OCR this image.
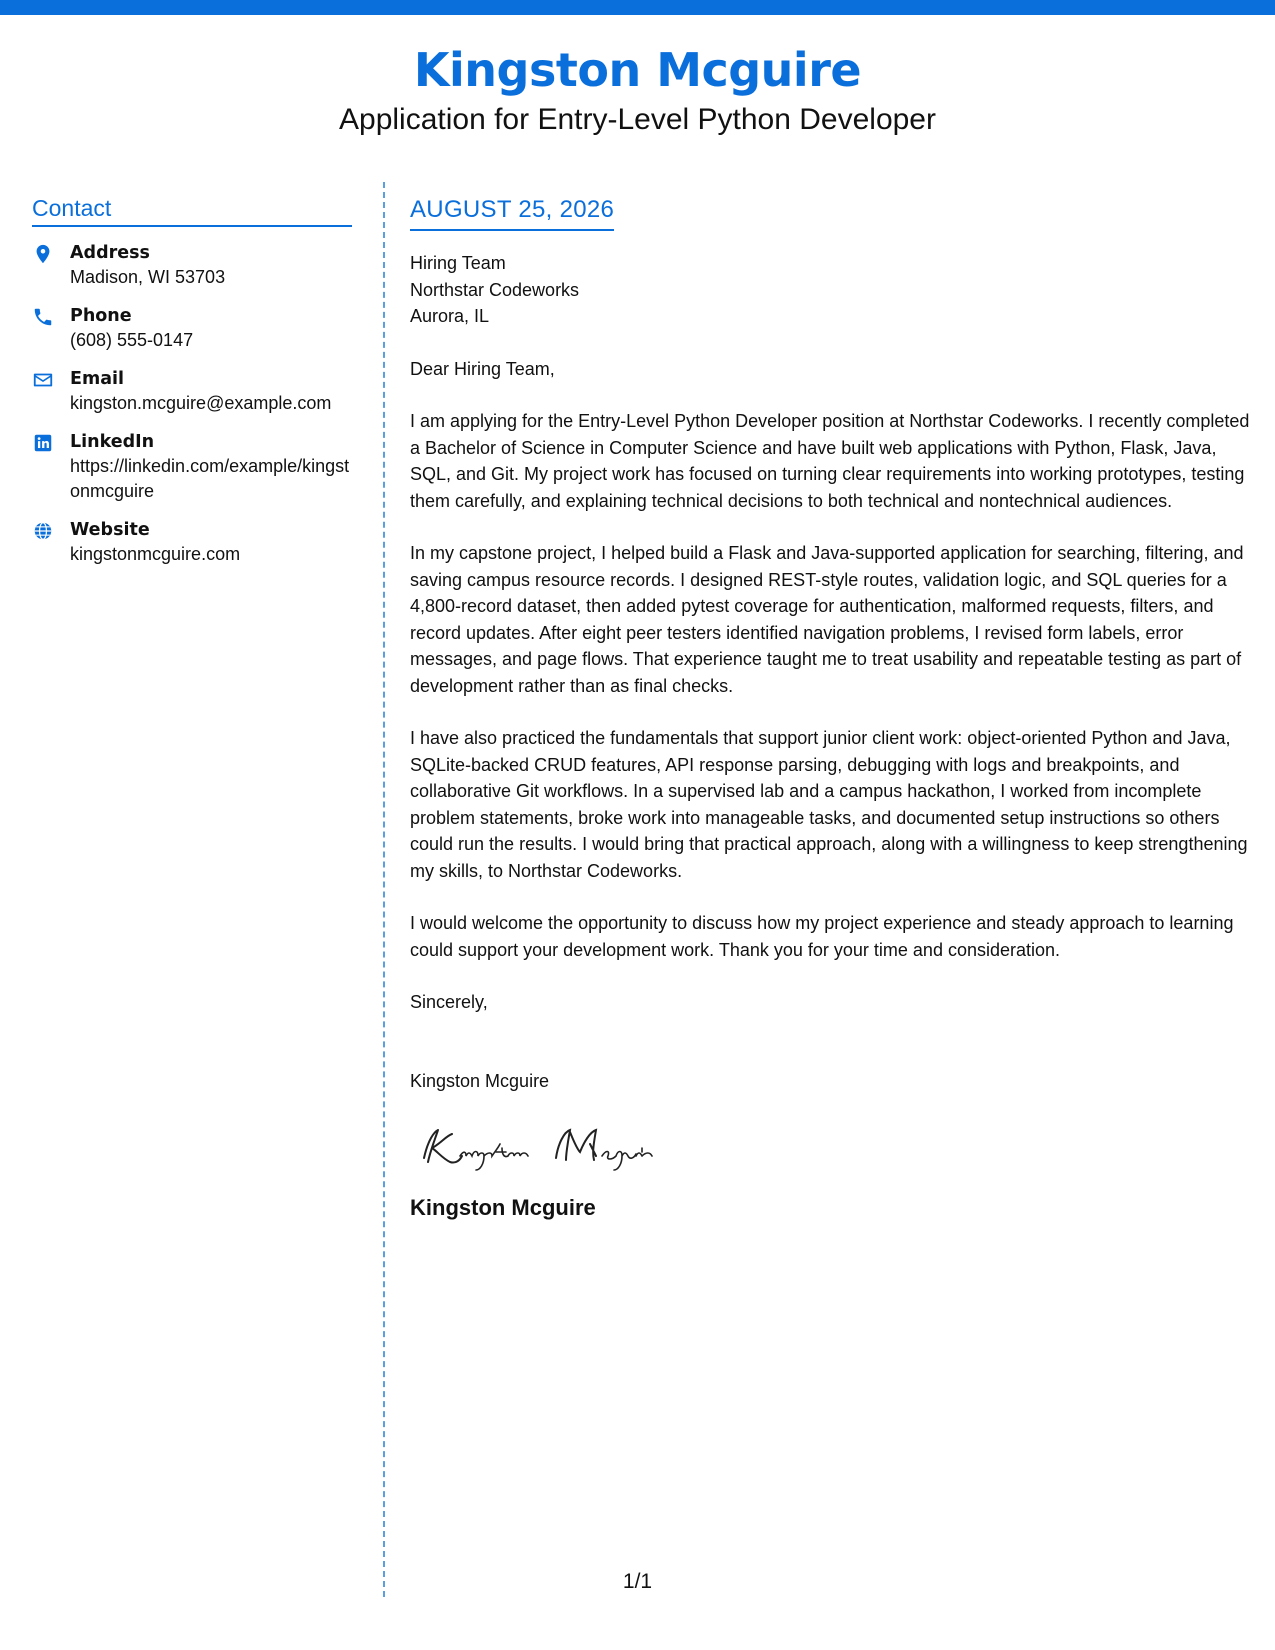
Kingston Mcguire
Application for Entry-Level Python Developer
Contact
Address
Madison, WI 53703
Phone
(608) 555-0147
Email
kingston.mcguire@example.com
LinkedIn
https://linkedin.com/example/kingstonmcguire
Website
kingstonmcguire.com
AUGUST 25, 2026
Hiring Team
Northstar Codeworks
Aurora, IL
Dear Hiring Team,
I am applying for the Entry-Level Python Developer position at Northstar Codeworks. I recently completed a Bachelor of Science in Computer Science and have built web applications with Python, Flask, Java, SQL, and Git. My project work has focused on turning clear requirements into working prototypes, testing them carefully, and explaining technical decisions to both technical and nontechnical audiences.
In my capstone project, I helped build a Flask and Java-supported application for searching, filtering, and saving campus resource records. I designed REST-style routes, validation logic, and SQL queries for a 4,800-record dataset, then added pytest coverage for authentication, malformed requests, filters, and record updates. After eight peer testers identified navigation problems, I revised form labels, error messages, and page flows. That experience taught me to treat usability and repeatable testing as part of development rather than as final checks.
I have also practiced the fundamentals that support junior client work: object-oriented Python and Java, SQLite-backed CRUD features, API response parsing, debugging with logs and breakpoints, and collaborative Git workflows. In a supervised lab and a campus hackathon, I worked from incomplete problem statements, broke work into manageable tasks, and documented setup instructions so others could run the results. I would bring that practical approach, along with a willingness to keep strengthening my skills, to Northstar Codeworks.
I would welcome the opportunity to discuss how my project experience and steady approach to learning could support your development work. Thank you for your time and consideration.
Sincerely,
Kingston Mcguire
Kingston Mcguire
1/1
